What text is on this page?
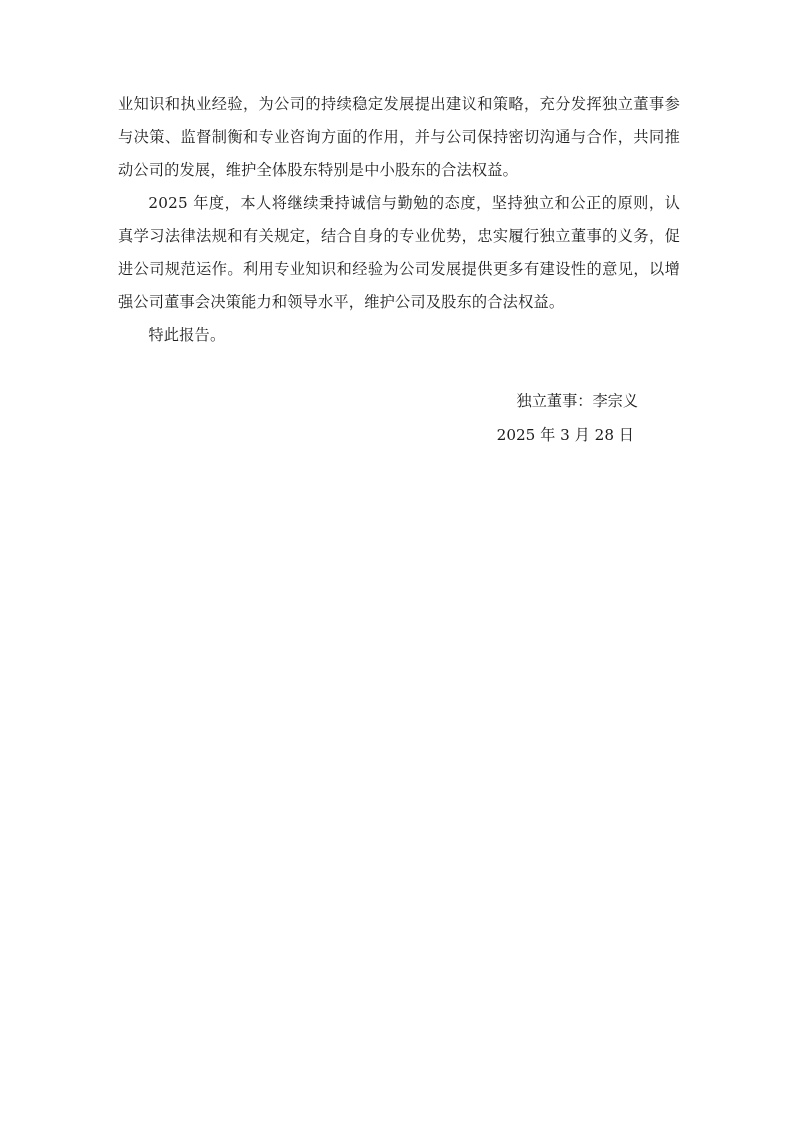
业知识和执业经验，为公司的持续稳定发展提出建议和策略，充分发挥独立董事参与决策、监督制衡和专业咨询方面的作用，并与公司保持密切沟通与合作，共同推动公司的发展，维护全体股东特别是中小股东的合法权益。

2025 年度，本人将继续秉持诚信与勤勉的态度，坚持独立和公正的原则，认真学习法律法规和有关规定，结合自身的专业优势，忠实履行独立董事的义务，促进公司规范运作。利用专业知识和经验为公司发展提供更多有建设性的意见，以增强公司董事会决策能力和领导水平，维护公司及股东的合法权益。

特此报告。

独立董事：李宗义
2025 年 3 月 28 日
